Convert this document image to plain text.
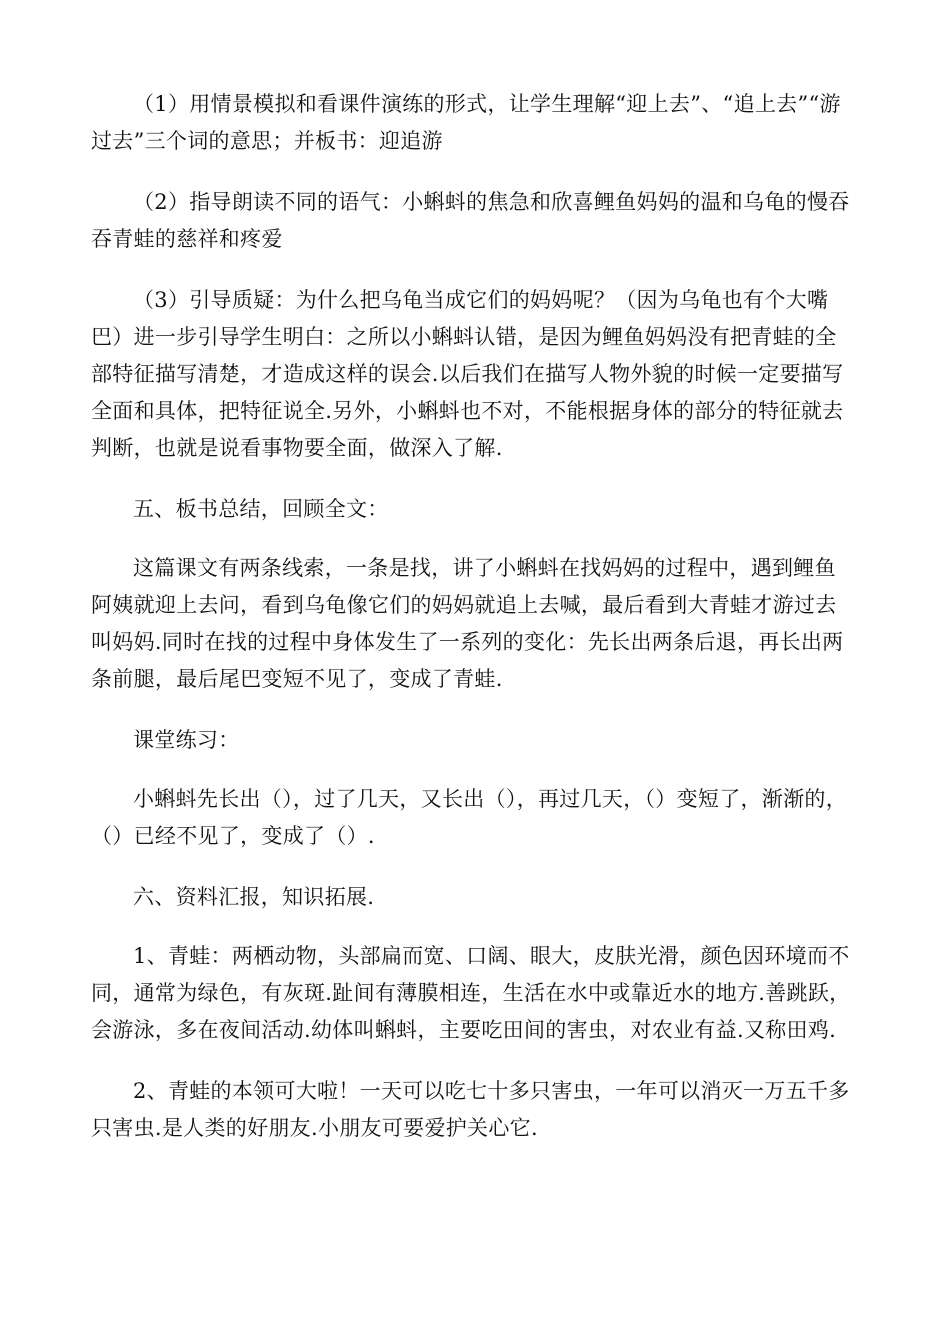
（1）用情景模拟和看课件演练的形式，让学生理解“迎上去”、“追上去”“游过去”三个词的意思；并板书：迎追游

（2）指导朗读不同的语气：小蝌蚪的焦急和欣喜鲤鱼妈妈的温和乌龟的慢吞吞青蛙的慈祥和疼爱

（3）引导质疑：为什么把乌龟当成它们的妈妈呢？（因为乌龟也有个大嘴巴）进一步引导学生明白：之所以小蝌蚪认错，是因为鲤鱼妈妈没有把青蛙的全部特征描写清楚，才造成这样的误会.以后我们在描写人物外貌的时候一定要描写全面和具体，把特征说全.另外，小蝌蚪也不对，不能根据身体的部分的特征就去判断，也就是说看事物要全面，做深入了解.

五、板书总结，回顾全文：

这篇课文有两条线索，一条是找，讲了小蝌蚪在找妈妈的过程中，遇到鲤鱼阿姨就迎上去问，看到乌龟像它们的妈妈就追上去喊，最后看到大青蛙才游过去叫妈妈.同时在找的过程中身体发生了一系列的变化：先长出两条后退，再长出两条前腿，最后尾巴变短不见了，变成了青蛙.

课堂练习：

小蝌蚪先长出（），过了几天，又长出（），再过几天，（）变短了，渐渐的，（）已经不见了，变成了（）.

六、资料汇报，知识拓展.

1、青蛙：两栖动物，头部扁而宽、口阔、眼大，皮肤光滑，颜色因环境而不同，通常为绿色，有灰斑.趾间有薄膜相连，生活在水中或靠近水的地方.善跳跃，会游泳，多在夜间活动.幼体叫蝌蚪，主要吃田间的害虫，对农业有益.又称田鸡.

2、青蛙的本领可大啦！一天可以吃七十多只害虫，一年可以消灭一万五千多只害虫.是人类的好朋友.小朋友可要爱护关心它.
